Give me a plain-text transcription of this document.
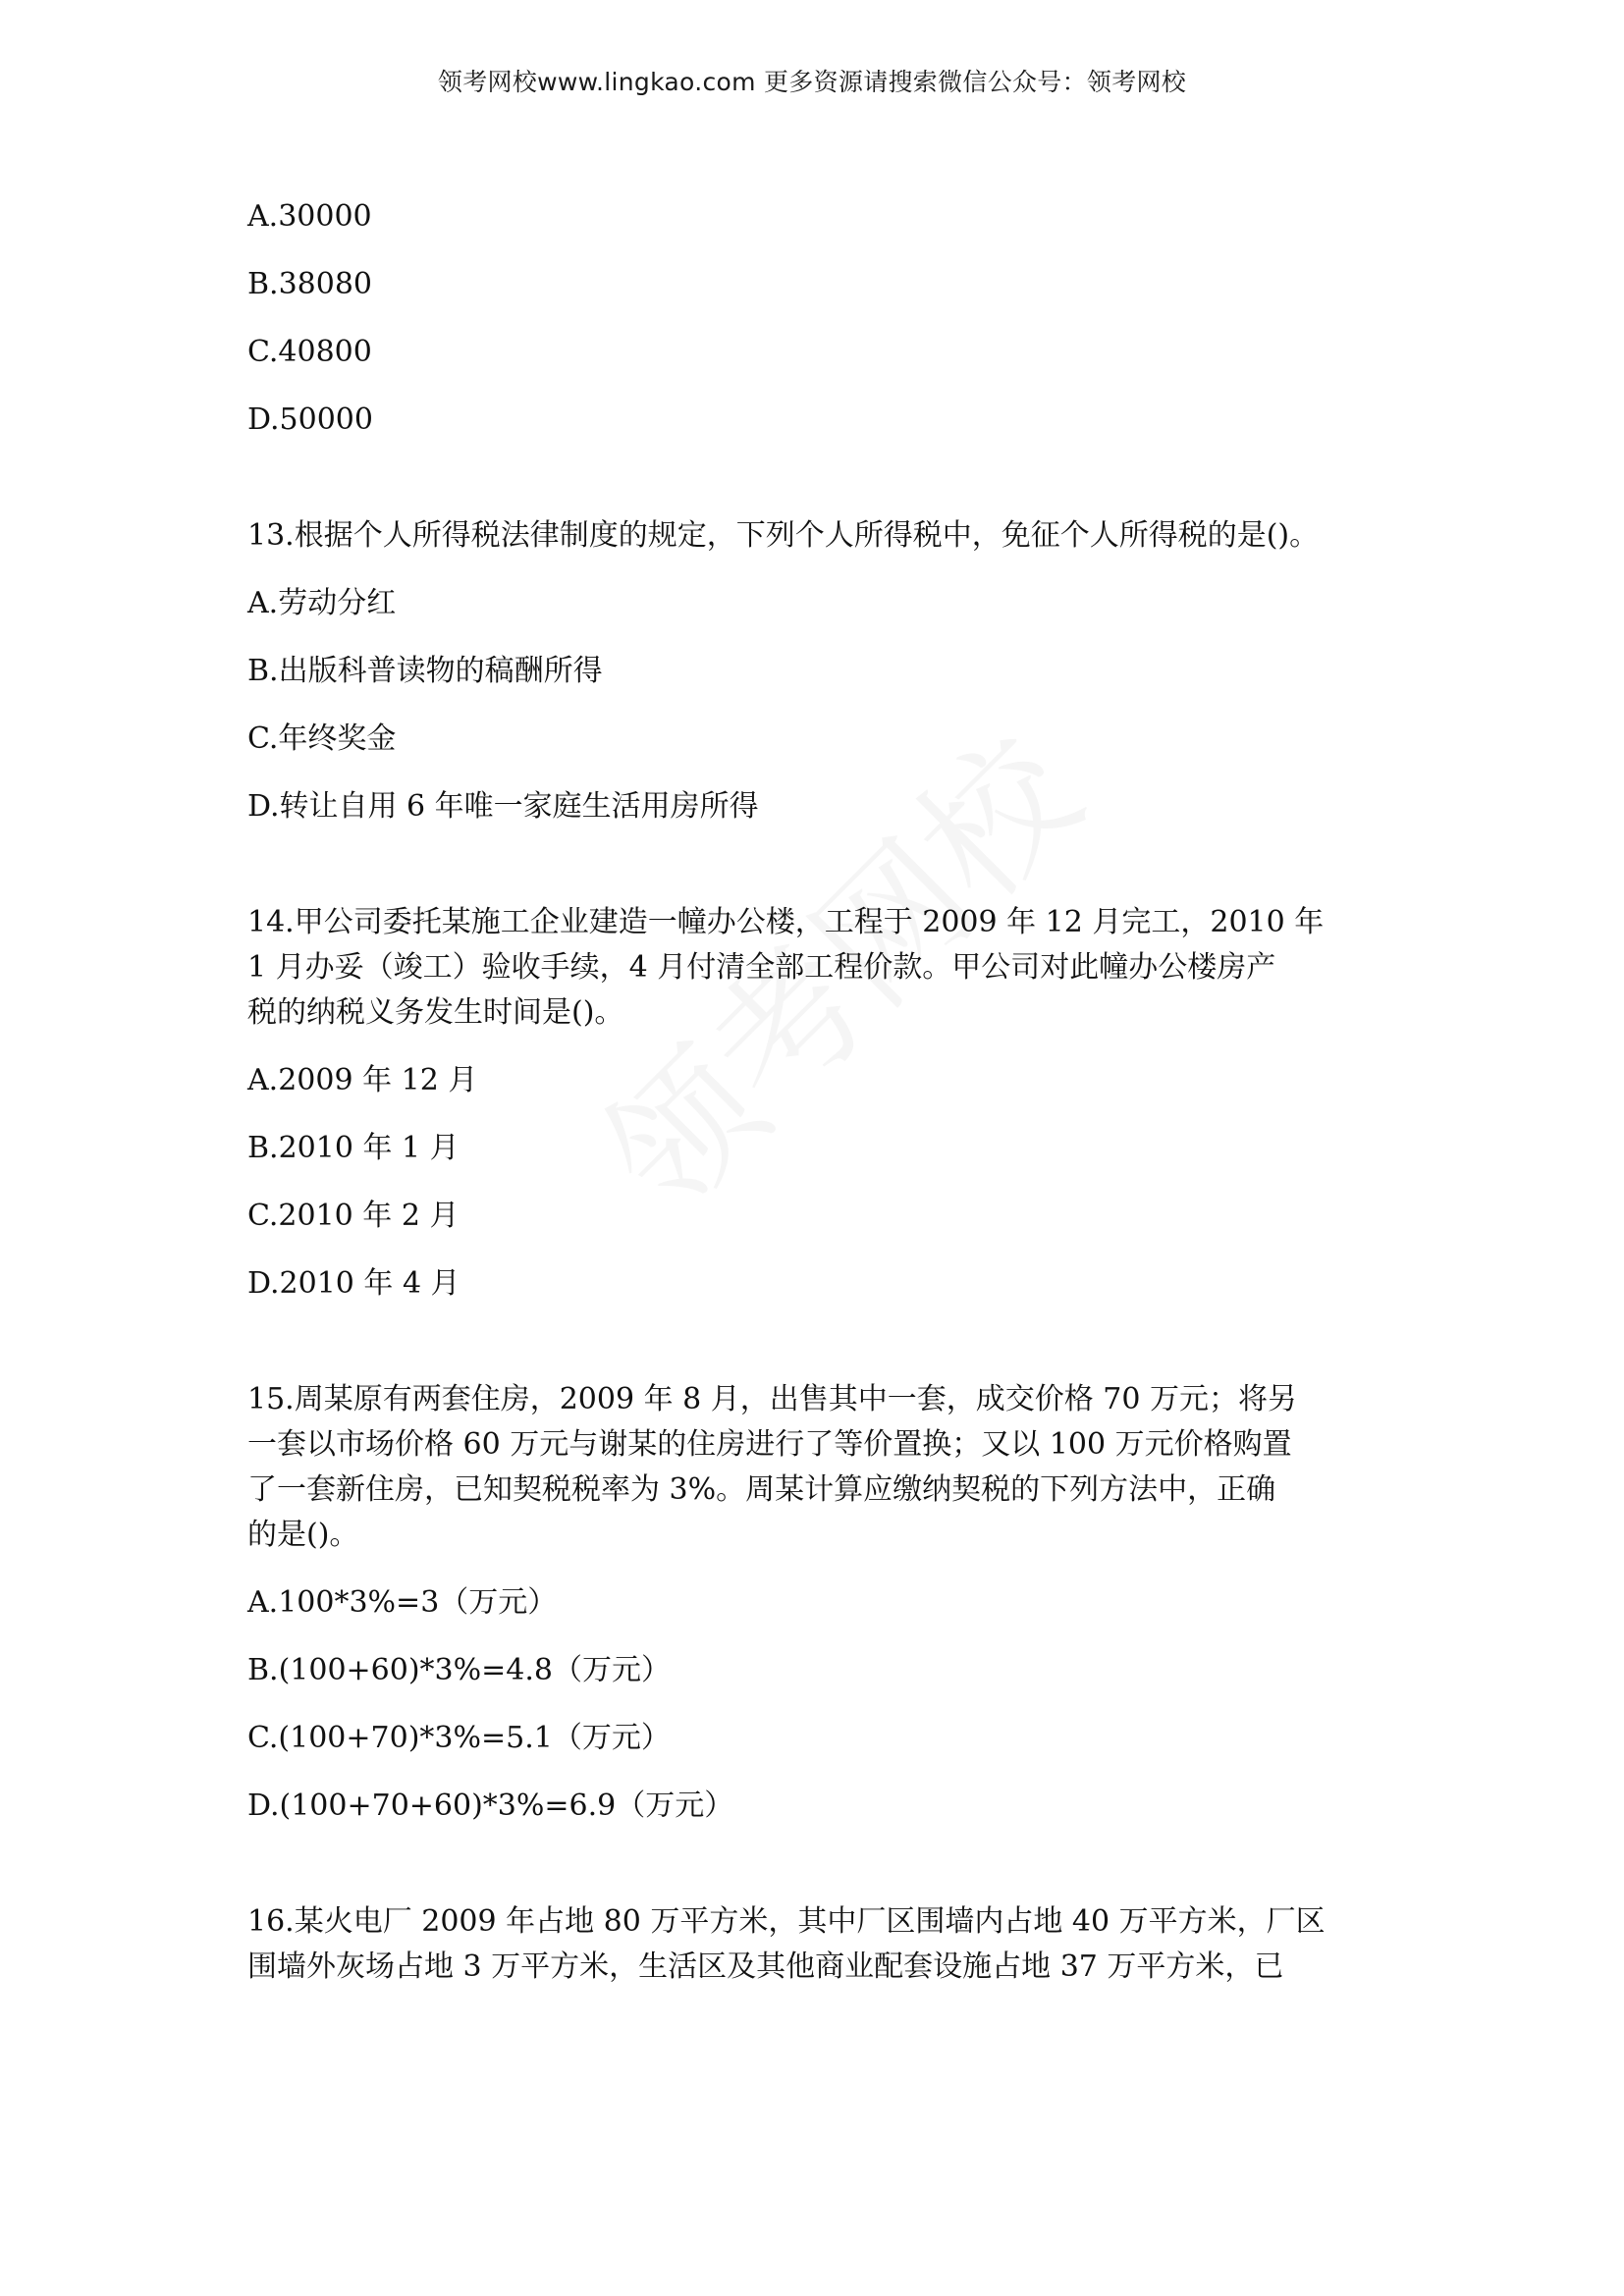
领考网校www.lingkao.com 更多资源请搜索微信公众号：领考网校
A.30000
B.38080
C.40800
D.50000
13.根据个人所得税法律制度的规定，下列个人所得税中，免征个人所得税的是()。
A.劳动分红
B.出版科普读物的稿酬所得
C.年终奖金
D.转让自用 6 年唯一家庭生活用房所得
14.甲公司委托某施工企业建造一幢办公楼，工程于 2009 年 12 月完工，2010 年
1 月办妥（竣工）验收手续，4 月付清全部工程价款。甲公司对此幢办公楼房产
税的纳税义务发生时间是()。
A.2009 年 12 月
B.2010 年 1 月
C.2010 年 2 月
D.2010 年 4 月
15.周某原有两套住房，2009 年 8 月，出售其中一套，成交价格 70 万元；将另
一套以市场价格 60 万元与谢某的住房进行了等价置换；又以 100 万元价格购置
了一套新住房，已知契税税率为 3%。周某计算应缴纳契税的下列方法中，正确
的是()。
A.100*3%=3（万元）
B.(100+60)*3%=4.8（万元）
C.(100+70)*3%=5.1（万元）
D.(100+70+60)*3%=6.9（万元）
16.某火电厂 2009 年占地 80 万平方米，其中厂区围墙内占地 40 万平方米，厂区
围墙外灰场占地 3 万平方米，生活区及其他商业配套设施占地 37 万平方米，已
